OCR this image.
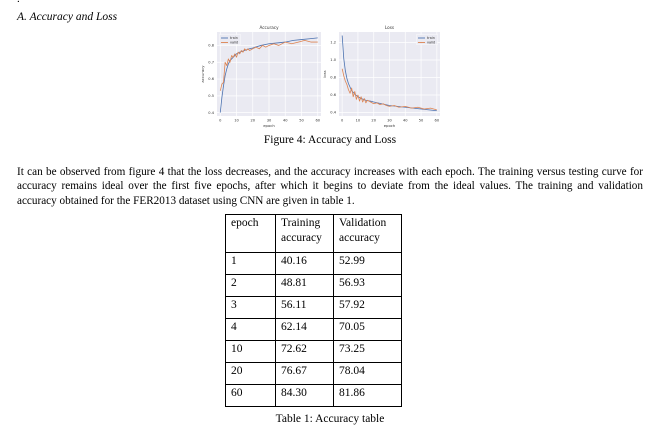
A. Accuracy and Loss
0	10	20	30	40	50	60
0.4
0.5
0.6
0.7
0.8
Accuracy
epoch
accuracy
train
valid
0	10	20	30	40	50	60
0.4
0.6
0.8
1.0
1.2
Loss
epoch
loss
train
valid
Figure 4: Accuracy and Loss
It can be observed from figure 4 that the loss decreases, and the accuracy increases with each epoch. The training versus testing curve for accuracy remains ideal over the first five epochs, after which it begins to deviate from the ideal values. The training and validation accuracy obtained for the FER2013 dataset using CNN are given in table 1.
epoch	Training accuracy	Validation accuracy
1	40.16	52.99
2	48.81	56.93
3	56.11	57.92
4	62.14	70.05
10	72.62	73.25
20	76.67	78.04
60	84.30	81.86
Table 1: Accuracy table
